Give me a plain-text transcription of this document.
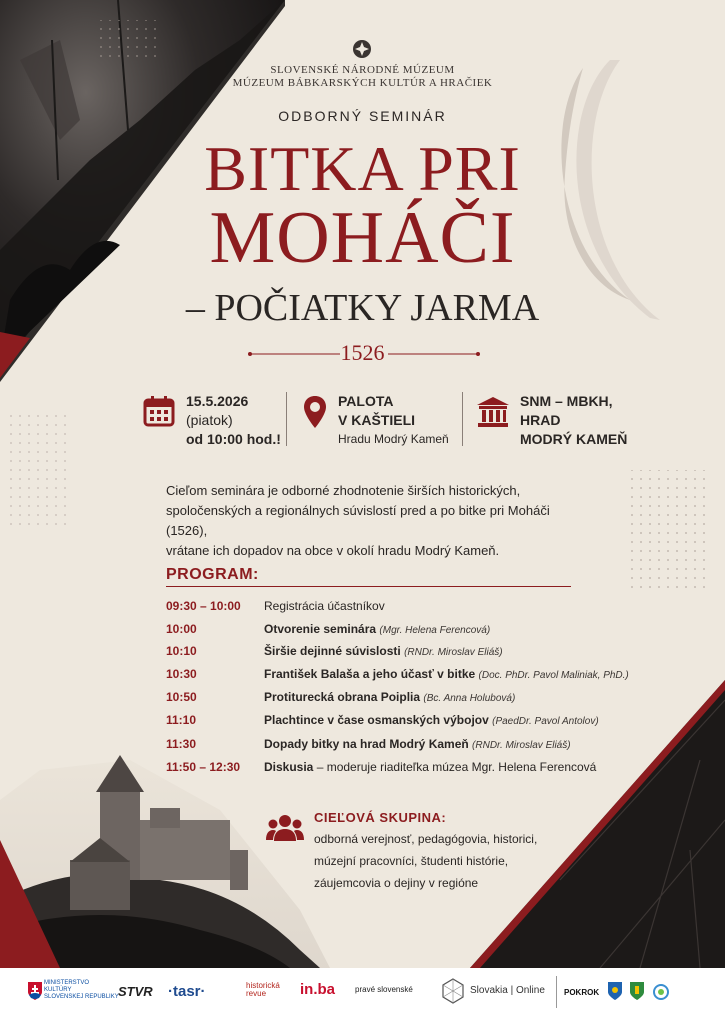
SLOVENSKÉ NÁRODNÉ MÚZEUM
MÚZEUM BÁBKARSKÝCH KULTÚR A HRAČIEK
ODBORNÝ SEMINÁR
BITKA PRI
MOHÁČI
– POČIATKY JARMA
1526
15.5.2026
(piatok)
od 10:00 hod.!
PALOTA
V KAŠTIELI
Hradu Modrý Kameň
SNM – MBKH,
HRAD
MODRÝ KAMEŇ
Cieľom seminára je odborné zhodnotenie širších historických,
spoločenských a regionálnych súvislostí pred a po bitke pri Moháči (1526),
vrátane ich dopadov na obce v okolí hradu Modrý Kameň.
PROGRAM:
09:30 – 10:00 Registrácia účastníkov
10:00	Otvorenie seminára (Mgr. Helena Ferencová)
10:10	Širšie dejinné súvislosti (RNDr. Miroslav Eliáš)
10:30	František Balaša a jeho účasť v bitke (Doc. PhDr. Pavol Maliniak, PhD.)
10:50	Protiturecká obrana Poiplia (Bc. Anna Holubová)
11:10	Plachtince v čase osmanských výbojov (PaedDr. Pavol Antolov)
11:30	Dopady bitky na hrad Modrý Kameň (RNDr. Miroslav Eliáš)
11:50 – 12:30 Diskusia – moderuje riaditeľka múzea Mgr. Helena Ferencová
CIEĽOVÁ SKUPINA:
odborná verejnosť, pedagógovia, historici,
múzejní pracovníci, študenti histórie,
záujemcovia o dejiny v regióne
MINISTERSTVO
KULTÚRY
SLOVENSKEJ REPUBLIKY STVR ·tasr·	historická
revue	in.ba pravé slovenské	Slovakia | Online POKROK
